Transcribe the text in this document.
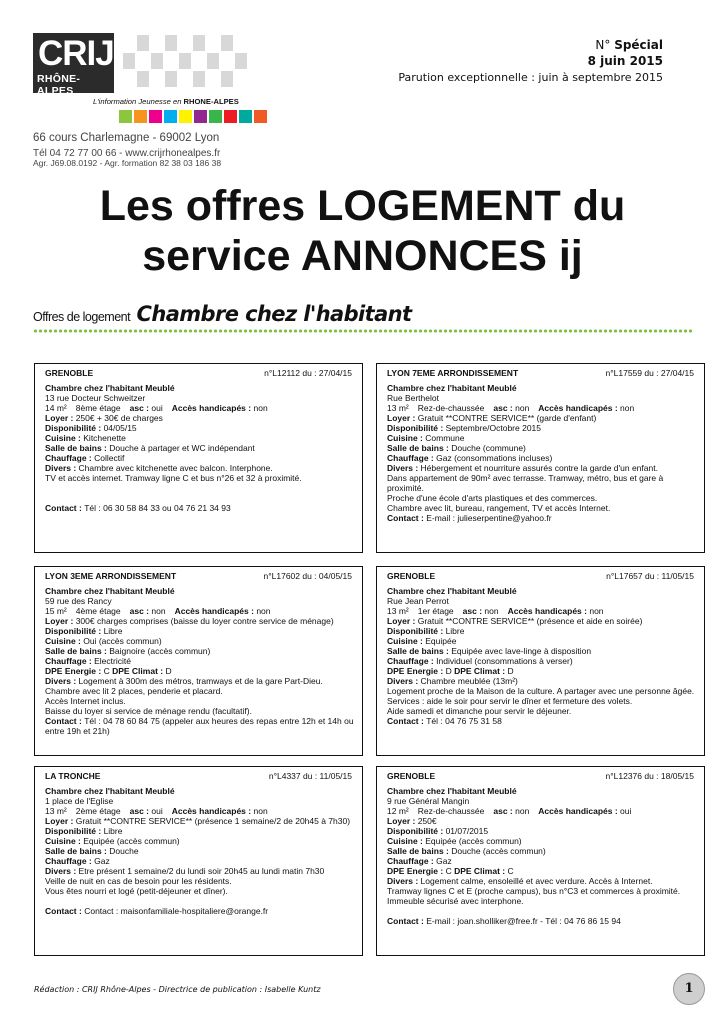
CRIJ
RHÔNE-ALPES
L'information Jeunesse en RHONE-ALPES
66 cours Charlemagne - 69002 Lyon
Tél 04 72 77 00 66 - www.crijrhonealpes.fr
Agr. J69.08.0192 - Agr. formation 82 38 03 186 38
N° Spécial
8 juin 2015
Parution exceptionnelle : juin à septembre 2015
Les offres LOGEMENT du
service ANNONCES ij
Offres de logement Chambre chez l'habitant
GRENOBLE	n°L12112 du : 27/04/15
Chambre chez l'habitant Meublé
13 rue Docteur Schweitzer
14 m² 8ème étage asc : oui Accès handicapés : non
Loyer : 250€ + 30€ de charges
Disponibilité : 04/05/15
Cuisine : Kitchenette
Salle de bains : Douche à partager et WC indépendant
Chauffage : Collectif
Divers : Chambre avec kitchenette avec balcon. Interphone.
TV et accès internet. Tramway ligne C et bus n°26 et 32 à proximité.
Contact : Tél : 06 30 58 84 33 ou 04 76 21 34 93
LYON 7EME ARRONDISSEMENT	n°L17559 du : 27/04/15
Chambre chez l'habitant Meublé
Rue Berthelot
13 m² Rez-de-chaussée asc : non Accès handicapés : non
Loyer : Gratuit **CONTRE SERVICE** (garde d'enfant)
Disponibilité : Septembre/Octobre 2015
Cuisine : Commune
Salle de bains : Douche (commune)
Chauffage : Gaz (consommations incluses)
Divers : Hébergement et nourriture assurés contre la garde d'un enfant.
Dans appartement de 90m² avec terrasse. Tramway, métro, bus et gare à
proximité.
Proche d'une école d'arts plastiques et des commerces.
Chambre avec lit, bureau, rangement, TV et accès Internet.
Contact : E-mail : julieserpentine@yahoo.fr
LYON 3EME ARRONDISSEMENT	n°L17602 du : 04/05/15
Chambre chez l'habitant Meublé
59 rue des Rancy
15 m² 4ème étage asc : non Accès handicapés : non
Loyer : 300€ charges comprises (baisse du loyer contre service de ménage)
Disponibilité : Libre
Cuisine : Oui (accès commun)
Salle de bains : Baignoire (accès commun)
Chauffage : Electricité
DPE Energie : C DPE Climat : D
Divers : Logement à 300m des métros, tramways et de la gare Part-Dieu.
Chambre avec lit 2 places, penderie et placard.
Accès Internet inclus.
Baisse du loyer si service de ménage rendu (facultatif).
Contact : Tél : 04 78 60 84 75 (appeler aux heures des repas entre 12h et 14h ou
entre 19h et 21h)
GRENOBLE	n°L17657 du : 11/05/15
Chambre chez l'habitant Meublé
Rue Jean Perrot
13 m² 1er étage asc : non Accès handicapés : non
Loyer : Gratuit **CONTRE SERVICE** (présence et aide en soirée)
Disponibilité : Libre
Cuisine : Equipée
Salle de bains : Equipée avec lave-linge à disposition
Chauffage : Individuel (consommations à verser)
DPE Energie : D DPE Climat : D
Divers : Chambre meublée (13m²)
Logement proche de la Maison de la culture. A partager avec une personne âgée.
Services : aide le soir pour servir le dîner et fermeture des volets.
Aide samedi et dimanche pour servir le déjeuner.
Contact : Tél : 04 76 75 31 58
LA TRONCHE	n°L4337 du : 11/05/15
Chambre chez l'habitant Meublé
1 place de l'Eglise
13 m² 2ème étage asc : oui Accès handicapés : non
Loyer : Gratuit **CONTRE SERVICE** (présence 1 semaine/2 de 20h45 à 7h30)
Disponibilité : Libre
Cuisine : Equipée (accès commun)
Salle de bains : Douche
Chauffage : Gaz
Divers : Etre présent 1 semaine/2 du lundi soir 20h45 au lundi matin 7h30
Veille de nuit en cas de besoin pour les résidents.
Vous êtes nourri et logé (petit-déjeuner et dîner).
Contact : Contact : maisonfamiliale-hospitaliere@orange.fr
GRENOBLE	n°L12376 du : 18/05/15
Chambre chez l'habitant Meublé
9 rue Général Mangin
12 m² Rez-de-chaussée asc : non Accès handicapés : oui
Loyer : 250€
Disponibilité : 01/07/2015
Cuisine : Equipée (accès commun)
Salle de bains : Douche (accès commun)
Chauffage : Gaz
DPE Energie : C DPE Climat : C
Divers : Logement calme, ensoleillé et avec verdure. Accès à Internet.
Tramway lignes C et E (proche campus), bus n°C3 et commerces à proximité.
Immeuble sécurisé avec interphone.
Contact : E-mail : joan.sholliker@free.fr - Tél : 04 76 86 15 94
Rédaction : CRIJ Rhône-Alpes - Directrice de publication : Isabelle Kuntz	1
